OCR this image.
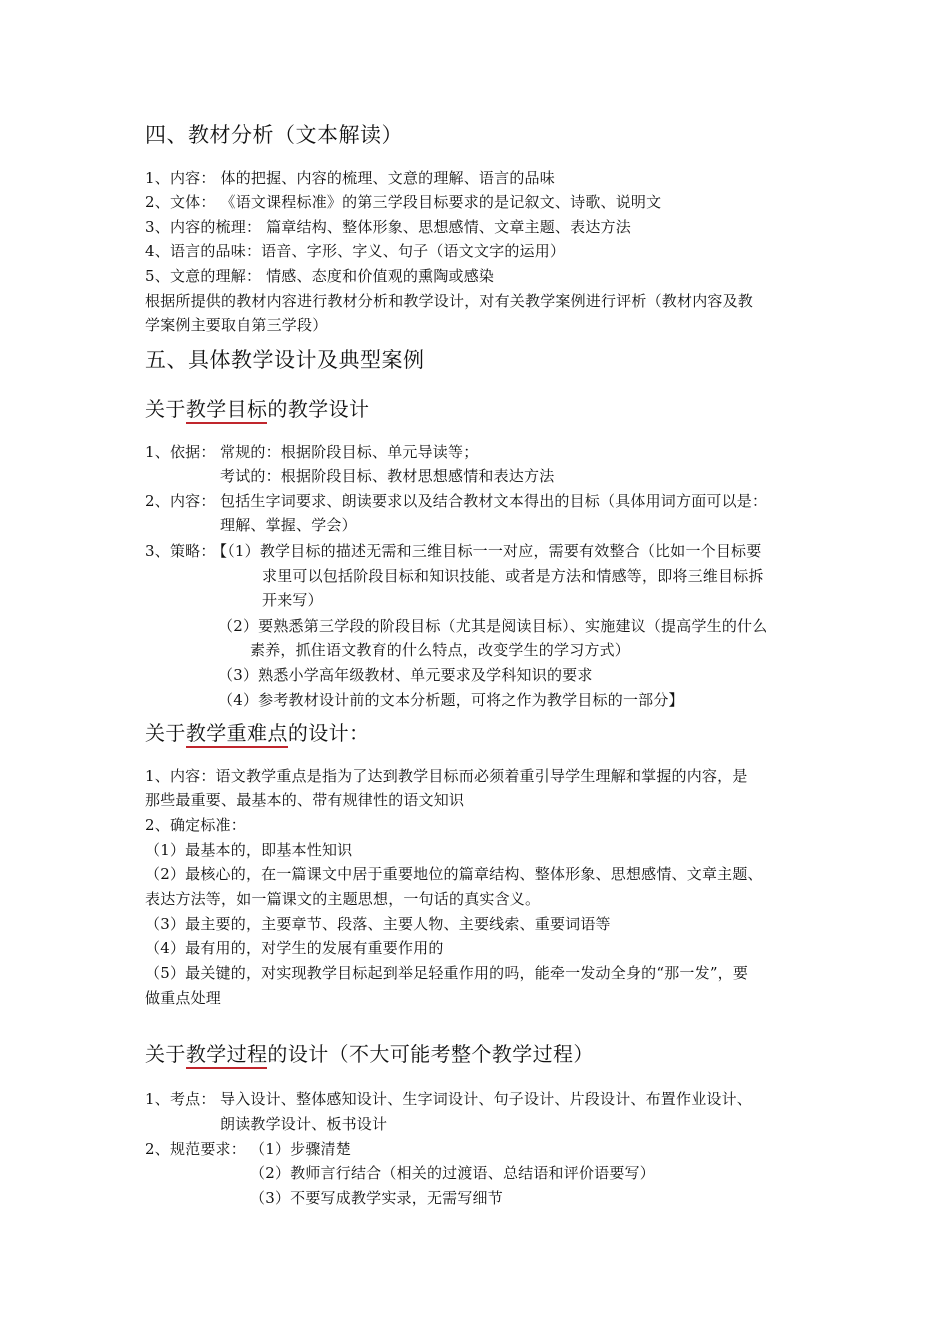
四、教材分析（文本解读）
1、内容： 体的把握、内容的梳理、文意的理解、语言的品味
2、文体： 《语文课程标准》的第三学段目标要求的是记叙文、诗歌、说明文
3、内容的梳理： 篇章结构、整体形象、思想感情、文章主题、表达方法
4、语言的品味：语音、字形、字义、句子（语文文字的运用）
5、文意的理解： 情感、态度和价值观的熏陶或感染
根据所提供的教材内容进行教材分析和教学设计，对有关教学案例进行评析（教材内容及教
学案例主要取自第三学段）
五、具体教学设计及典型案例
关于教学目标的教学设计
1、依据： 常规的：根据阶段目标、单元导读等；
考试的：根据阶段目标、教材思想感情和表达方法
2、内容： 包括生字词要求、朗读要求以及结合教材文本得出的目标（具体用词方面可以是：
理解、掌握、学会）
3、策略：
【（1）教学目标的描述无需和三维目标一一对应，需要有效整合（比如一个目标要
求里可以包括阶段目标和知识技能、或者是方法和情感等，即将三维目标拆
开来写）
（2）要熟悉第三学段的阶段目标（尤其是阅读目标）、实施建议（提高学生的什么
素养，抓住语文教育的什么特点，改变学生的学习方式）
（3）熟悉小学高年级教材、单元要求及学科知识的要求
（4）参考教材设计前的文本分析题，可将之作为教学目标的一部分】
关于教学重难点的设计：
1、内容：语文教学重点是指为了达到教学目标而必须着重引导学生理解和掌握的内容，是
那些最重要、最基本的、带有规律性的语文知识
2、确定标准：
（1）最基本的，即基本性知识
（2）最核心的，在一篇课文中居于重要地位的篇章结构、整体形象、思想感情、文章主题、
表达方法等，如一篇课文的主题思想，一句话的真实含义。
（3）最主要的，主要章节、段落、主要人物、主要线索、重要词语等
（4）最有用的，对学生的发展有重要作用的
（5）最关键的，对实现教学目标起到举足轻重作用的吗，能牵一发动全身的“那一发”，要
做重点处理
关于教学过程的设计（不大可能考整个教学过程）
1、考点： 导入设计、整体感知设计、生字词设计、句子设计、片段设计、布置作业设计、
朗读教学设计、板书设计
2、规范要求： （1）步骤清楚
（2）教师言行结合（相关的过渡语、总结语和评价语要写）
（3）不要写成教学实录，无需写细节
